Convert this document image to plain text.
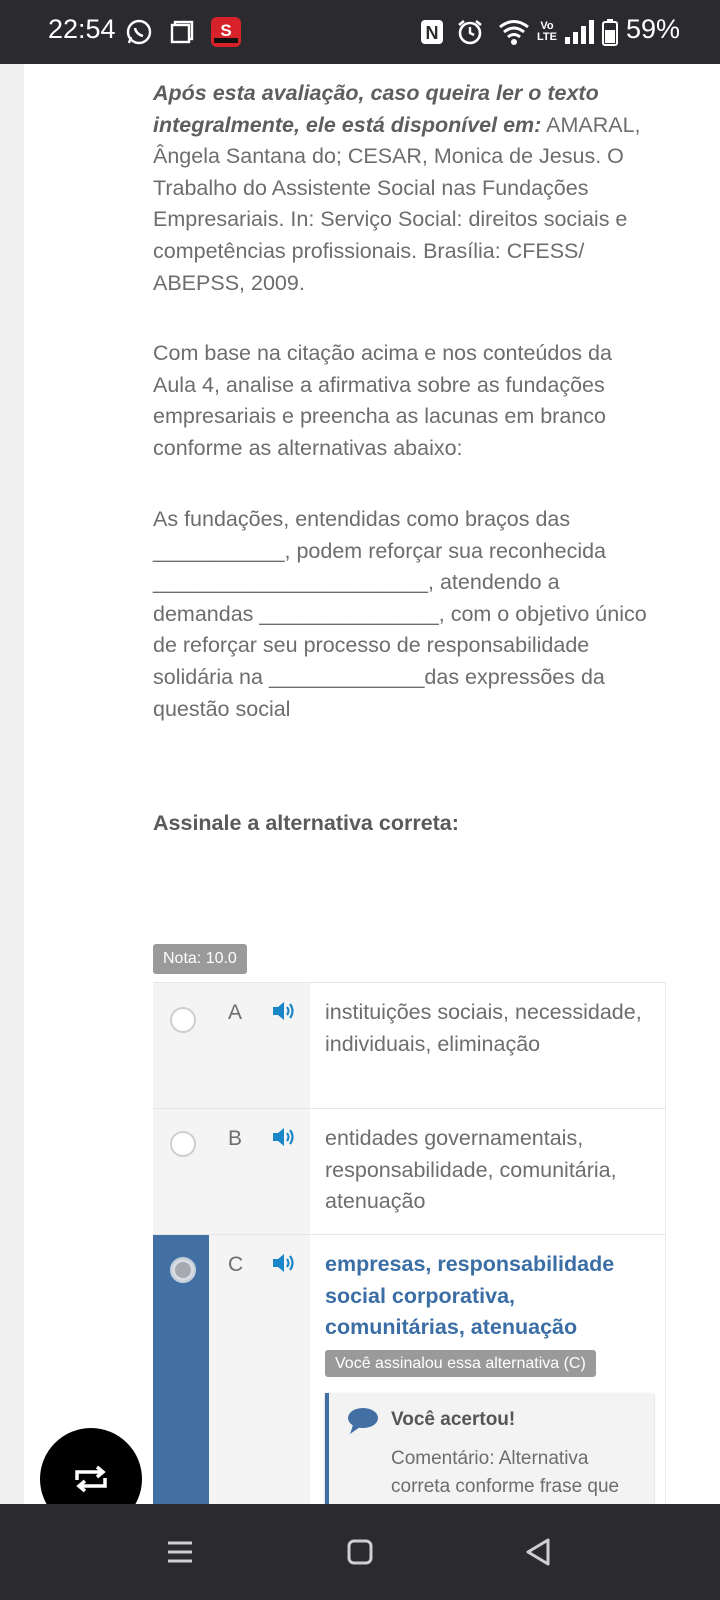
22:54	S	N	Vo
LTE	59%
Após esta avaliação, caso queira ler o texto integralmente, ele está disponível em: AMARAL, Ângela Santana do; CESAR, Monica de Jesus. O Trabalho do Assistente Social nas Fundações Empresariais. In: Serviço Social: direitos sociais e competências profissionais. Brasília: CFESS/ ABEPSS, 2009.
Com base na citação acima e nos conteúdos da Aula 4, analise a afirmativa sobre as fundações empresariais e preencha as lacunas em branco conforme as alternativas abaixo:
As fundações, entendidas como braços das ___________, podem reforçar sua reconhecida _______________________, atendendo a demandas _______________, com o objetivo único de reforçar seu processo de responsabilidade solidária na _____________das expressões da questão social
Assinale a alternativa correta:
Nota: 10.0
A	instituições sociais, necessidade, individuais, eliminação
B	entidades governamentais, responsabilidade, comunitária, atenuação
C	empresas, responsabilidade social corporativa, comunitárias, atenuação
Você assinalou essa alternativa (C)
Você acertou!
Comentário: Alternativa correta conforme frase que
